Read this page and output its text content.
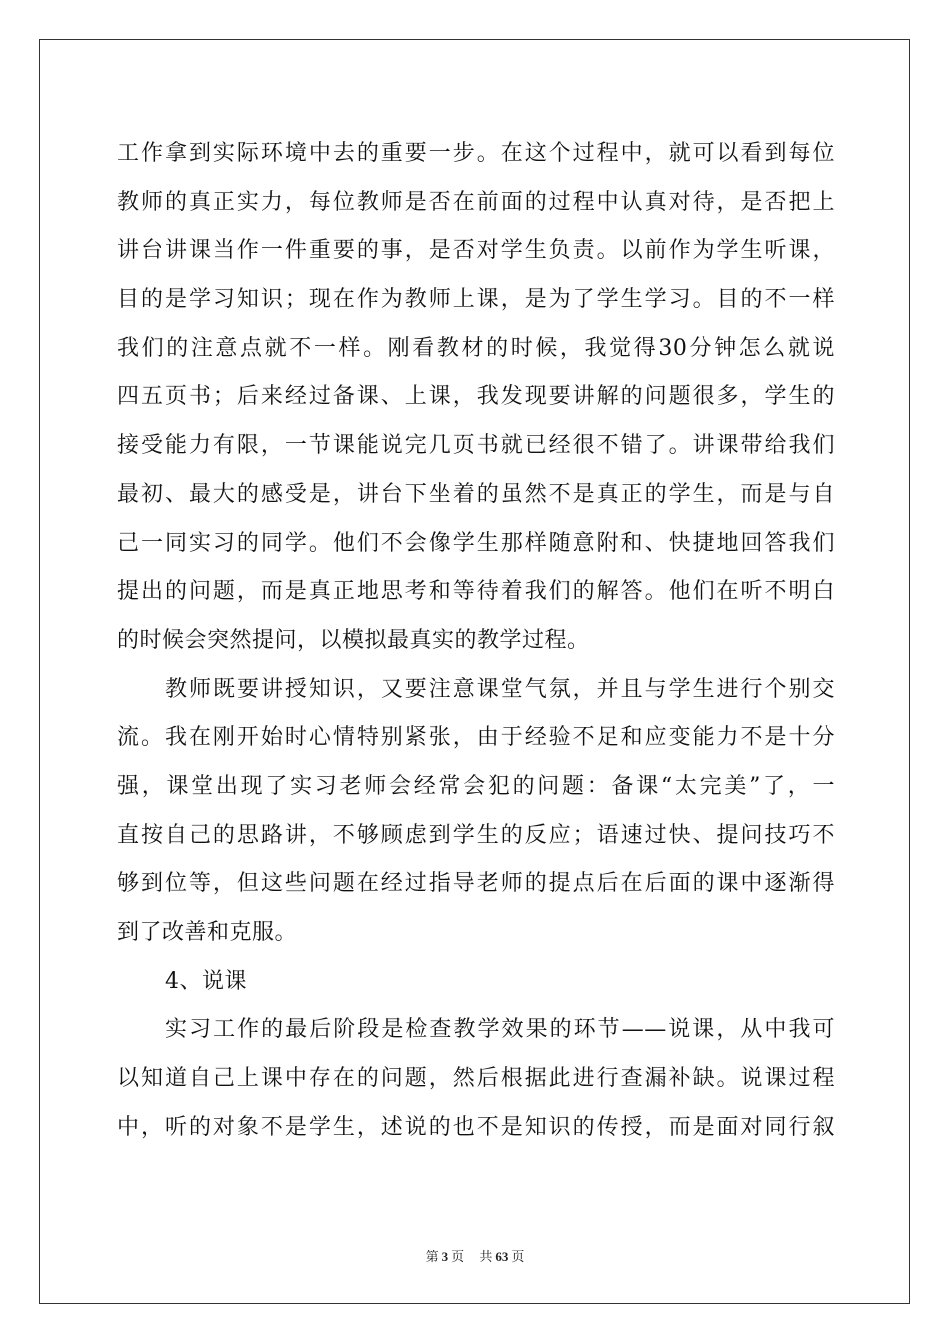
工作拿到实际环境中去的重要一步。在这个过程中，就可以看到每位
教师的真正实力，每位教师是否在前面的过程中认真对待，是否把上
讲台讲课当作一件重要的事，是否对学生负责。以前作为学生听课，
目的是学习知识；现在作为教师上课，是为了学生学习。目的不一样
我们的注意点就不一样。刚看教材的时候，我觉得30分钟怎么就说
四五页书；后来经过备课、上课，我发现要讲解的问题很多，学生的
接受能力有限，一节课能说完几页书就已经很不错了。讲课带给我们
最初、最大的感受是，讲台下坐着的虽然不是真正的学生，而是与自
己一同实习的同学。他们不会像学生那样随意附和、快捷地回答我们
提出的问题，而是真正地思考和等待着我们的解答。他们在听不明白
的时候会突然提问，以模拟最真实的教学过程。
教师既要讲授知识，又要注意课堂气氛，并且与学生进行个别交
流。我在刚开始时心情特别紧张，由于经验不足和应变能力不是十分
强，课堂出现了实习老师会经常会犯的问题：备课“太完美”了，一
直按自己的思路讲，不够顾虑到学生的反应；语速过快、提问技巧不
够到位等，但这些问题在经过指导老师的提点后在后面的课中逐渐得
到了改善和克服。
4、说课
实习工作的最后阶段是检查教学效果的环节——说课，从中我可
以知道自己上课中存在的问题，然后根据此进行查漏补缺。说课过程
中，听的对象不是学生，述说的也不是知识的传授，而是面对同行叙
第 3 页 共 63 页
